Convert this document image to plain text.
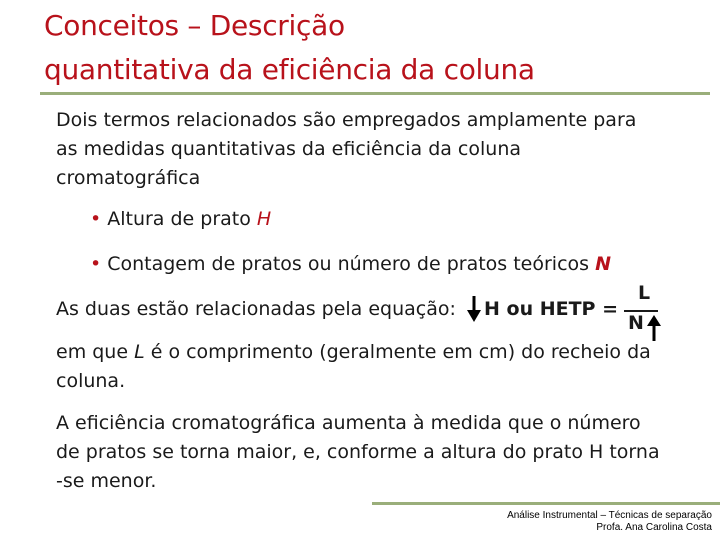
Conceitos – Descrição
quantitativa da eficiência da coluna
Dois termos relacionados são empregados amplamente para
as medidas quantitativas da eficiência da coluna
cromatográfica
• Altura de prato H
• Contagem de pratos ou número de pratos teóricos N
As duas estão relacionadas pela equação: H ou HETP =
L
N
em que L é o comprimento (geralmente em cm) do recheio da
coluna.
A eficiência cromatográfica aumenta à medida que o número
de pratos se torna maior, e, conforme a altura do prato H torna
-se menor.
Análise Instrumental – Técnicas de separação
Profa. Ana Carolina Costa
